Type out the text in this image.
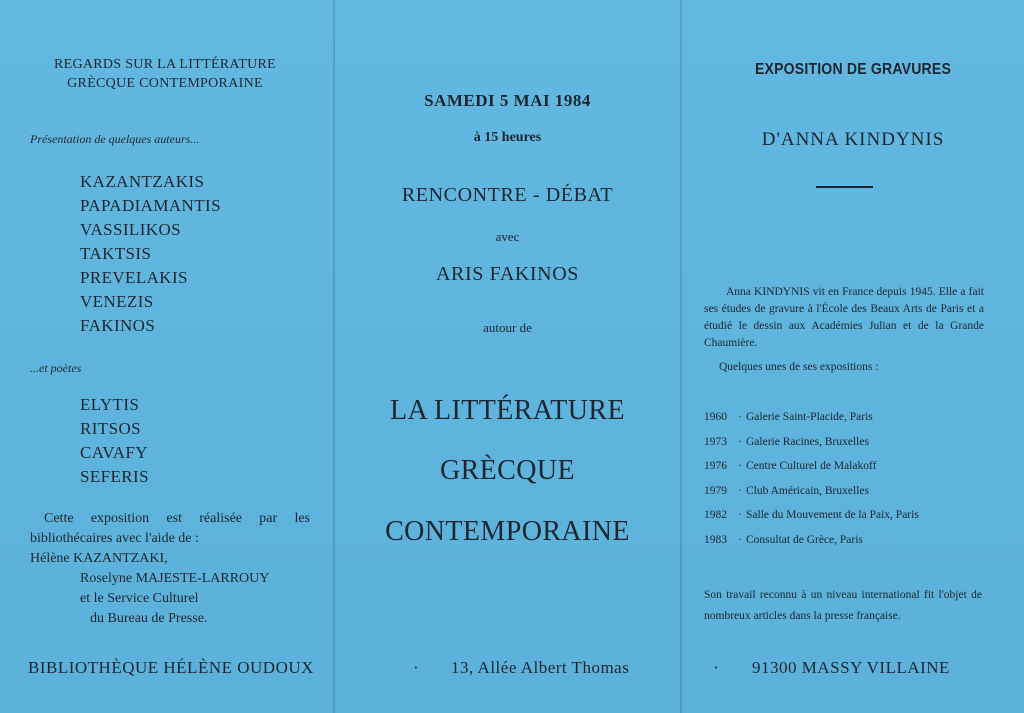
REGARDS SUR LA LITTÉRATURE
GRÈCQUE CONTEMPORAINE
Présentation de quelques auteurs...
KAZANTZAKIS
PAPADIAMANTIS
VASSILIKOS
TAKTSIS
PREVELAKIS
VENEZIS
FAKINOS
...et poètes
ELYTIS
RITSOS
CAVAFY
SEFERIS

Cette exposition est réalisée par les bibliothécaires avec l'aide de :

Hélène KAZANTZAKI,

Roselyne MAJESTE-LARROUY

et le Service Culturel

du Bureau de Presse.

SAMEDI 5 MAI 1984
à 15 heures
RENCONTRE - DÉBAT
avec
ARIS FAKINOS
autour de
LA LITTÉRATURE
GRÈCQUE
CONTEMPORAINE
EXPOSITION DE GRAVURES
D'ANNA KINDYNIS
Anna KINDYNIS vit en France depuis 1945. Elle a fait ses études de gravure à l'École des Beaux Arts de Paris et a étudié le dessin aux Académies Julian et de la Grande Chaumière.
Quelques unes de ses expositions :
1960 · Galerie Saint-Placide, Paris
1973 · Galerie Racines, Bruxelles
1976 · Centre Culturel de Malakoff
1979 · Club Américain, Bruxelles
1982 · Salle du Mouvement de la Paix, Paris
1983 · Consultat de Grèce, Paris
Son travail reconnu à un niveau international fit l'objet de nombreux articles dans la presse française.
BIBLIOTHÈQUE HÉLÈNE OUDOUX	· 13, Allée Albert Thomas	· 91300 MASSY VILLAINE
